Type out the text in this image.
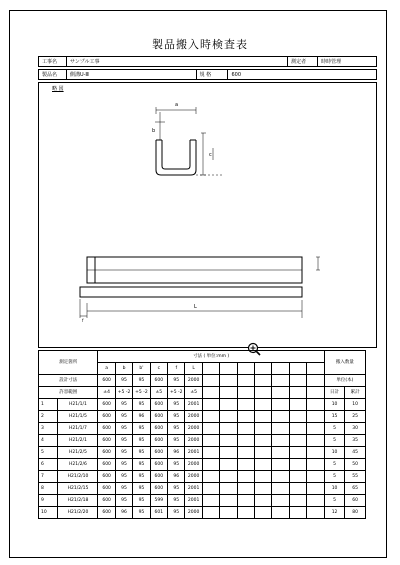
製品搬入時検査表
工事名	サンプル工事	測定者	時時管理
製品名	側溝U-Ⅲ	規 格	600
略 図
a
b
c
L
f
測定箇所		寸法 ( 単位:mm )													搬入数量	
		a	b	b'	c	f	L									
設計寸法		600	95	95	600	95	2000								単位(本)	
許容範囲		±4	+5 -2	+5 -2	±5	+5 -2	±5								日計	累計
1	H21/1/1	600	95	95	600	95	2001								10	10
2	H21/1/5	600	95	96	600	95	2000								15	25
3	H21/1/7	600	95	95	600	95	2000								5	30
4	H21/2/1	600	95	95	600	95	2000								5	35
5	H21/2/5	600	95	95	600	96	2001								10	45
6	H21/2/6	600	95	95	600	95	2000								5	50
7	H21/2/10	600	95	95	600	96	2000								5	55
8	H21/2/15	600	95	95	600	95	2001								10	65
9	H21/2/18	600	95	95	599	95	2001								5	60
10	H21/2/20	600	96	95	601	95	2000								12	80
